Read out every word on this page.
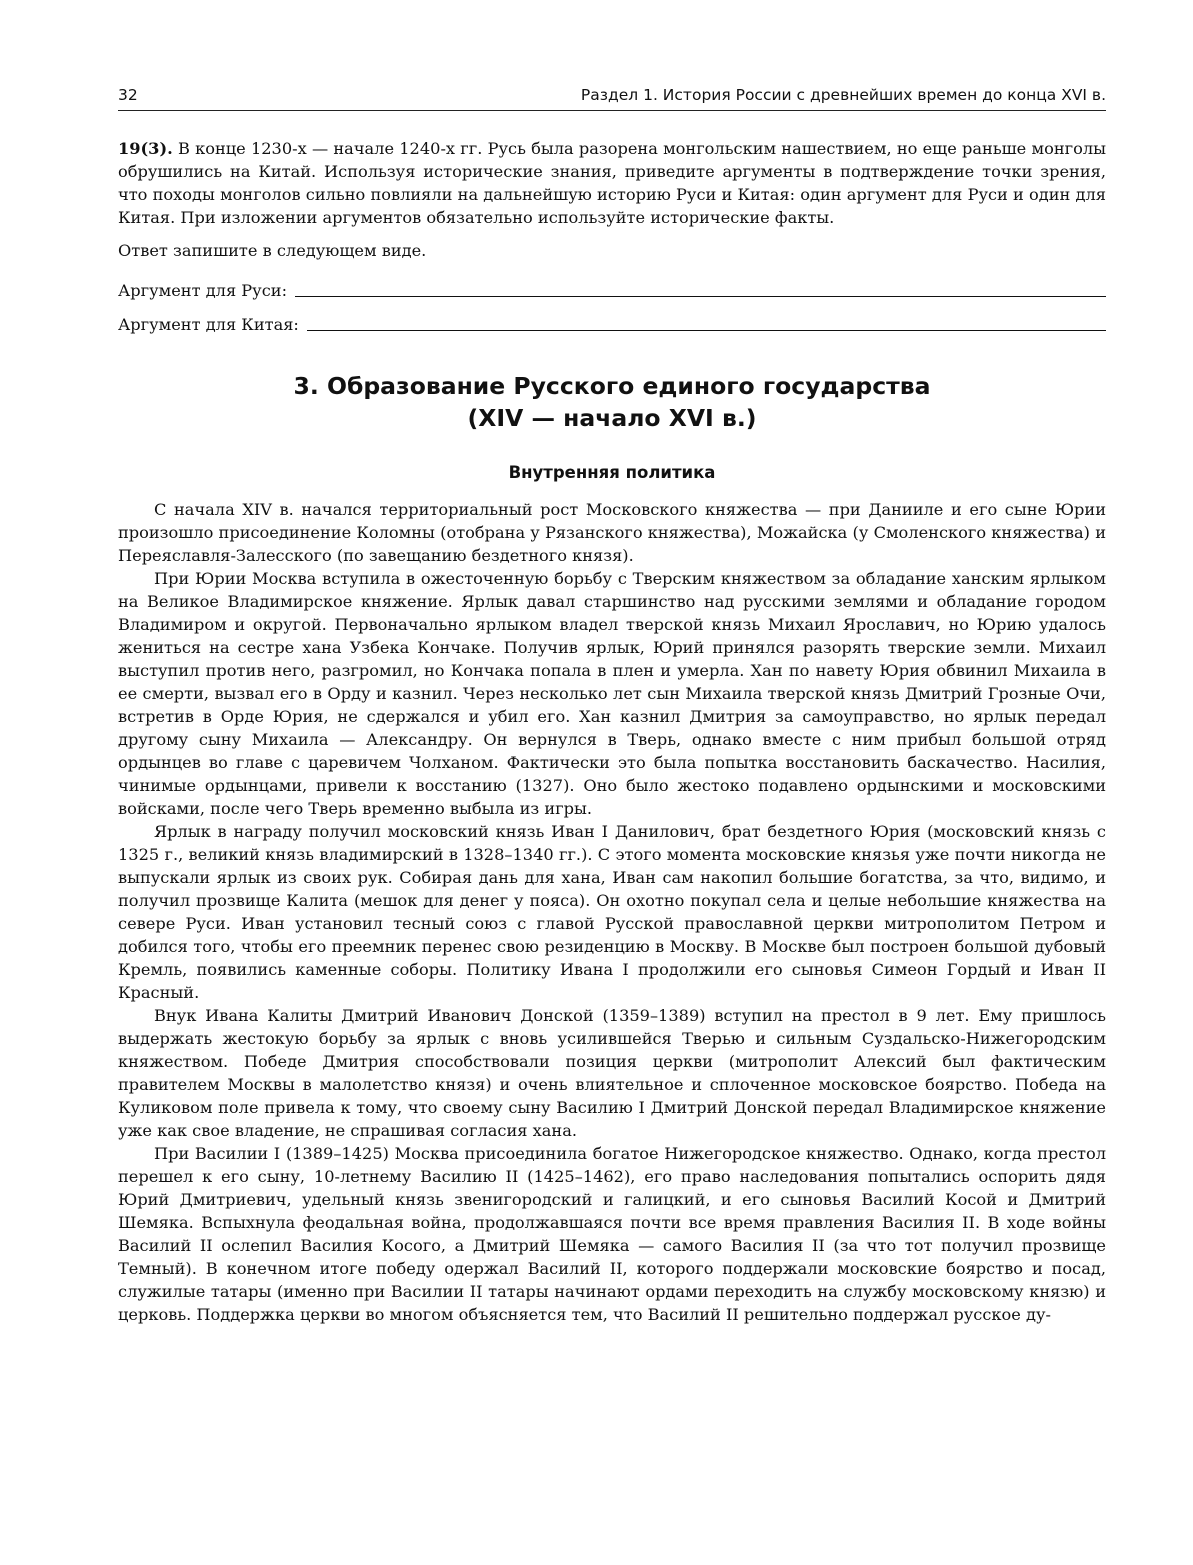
32	Раздел 1. История России с древнейших времен до конца XVI в.

19(3). В конце 1230-х — начале 1240-х гг. Русь была разорена монгольским нашествием, но еще раньше монголы обрушились на Китай. Используя исторические знания, приведите аргументы в подтверждение точки зрения, что походы монголов сильно повлияли на дальнейшую историю Руси и Китая: один аргумент для Руси и один для Китая. При изложении аргументов обязательно используйте исторические факты.

Ответ запишите в следующем виде.

Аргумент для Руси:
Аргумент для Китая:
3. Образование Русского единого государства
(XIV — начало XVI в.)
Внутренняя политика

С начала XIV в. начался территориальный рост Московского княжества — при Данииле и его сыне Юрии произошло присоединение Коломны (отобрана у Рязанского княжества), Можайска (у Смоленского княжества) и Переяславля-Залесского (по завещанию бездетного князя).

При Юрии Москва вступила в ожесточенную борьбу с Тверским княжеством за обладание ханским ярлыком на Великое Владимирское княжение. Ярлык давал старшинство над русскими землями и обладание городом Владимиром и округой. Первоначально ярлыком владел тверской князь Михаил Ярославич, но Юрию удалось жениться на сестре хана Узбека Кончаке. Получив ярлык, Юрий принялся разорять тверские земли. Михаил выступил против него, разгромил, но Кончака попала в плен и умерла. Хан по навету Юрия обвинил Михаила в ее смерти, вызвал его в Орду и казнил. Через несколько лет сын Михаила тверской князь Дмитрий Грозные Очи, встретив в Орде Юрия, не сдержался и убил его. Хан казнил Дмитрия за самоуправство, но ярлык передал другому сыну Михаила — Александру. Он вернулся в Тверь, однако вместе с ним прибыл большой отряд ордынцев во главе с царевичем Чолханом. Фактически это была попытка восстановить баскачество. Насилия, чинимые ордынцами, привели к восстанию (1327). Оно было жестоко подавлено ордынскими и московскими войсками, после чего Тверь временно выбыла из игры.

Ярлык в награду получил московский князь Иван I Данилович, брат бездетного Юрия (московский князь с 1325 г., великий князь владимирский в 1328–1340 гг.). С этого момента московские князья уже почти никогда не выпускали ярлык из своих рук. Собирая дань для хана, Иван сам накопил большие богатства, за что, видимо, и получил прозвище Калита (мешок для денег у пояса). Он охотно покупал села и целые небольшие княжества на севере Руси. Иван установил тесный союз с главой Русской православной церкви митрополитом Петром и добился того, чтобы его преемник перенес свою резиденцию в Москву. В Москве был построен большой дубовый Кремль, появились каменные соборы. Политику Ивана I продолжили его сыновья Симеон Гордый и Иван II Красный.

Внук Ивана Калиты Дмитрий Иванович Донской (1359–1389) вступил на престол в 9 лет. Ему пришлось выдержать жестокую борьбу за ярлык с вновь усилившейся Тверью и сильным Суздальско-Нижегородским княжеством. Победе Дмитрия способствовали позиция церкви (митрополит Алексий был фактическим правителем Москвы в малолетство князя) и очень влиятельное и сплоченное московское боярство. Победа на Куликовом поле привела к тому, что своему сыну Василию I Дмитрий Донской передал Владимирское княжение уже как свое владение, не спрашивая согласия хана.

При Василии I (1389–1425) Москва присоединила богатое Нижегородское княжество. Однако, когда престол перешел к его сыну, 10-летнему Василию II (1425–1462), его право наследования попытались оспорить дядя Юрий Дмитриевич, удельный князь звенигородский и галицкий, и его сыновья Василий Косой и Дмитрий Шемяка. Вспыхнула феодальная война, продолжавшаяся почти все время правления Василия II. В ходе войны Василий II ослепил Василия Косого, а Дмитрий Шемяка — самого Василия II (за что тот получил прозвище Темный). В конечном итоге победу одержал Василий II, которого поддержали московские боярство и посад, служилые татары (именно при Василии II татары начинают ордами переходить на службу московскому князю) и церковь. Поддержка церкви во многом объясняется тем, что Василий II решительно поддержал русское ду-
